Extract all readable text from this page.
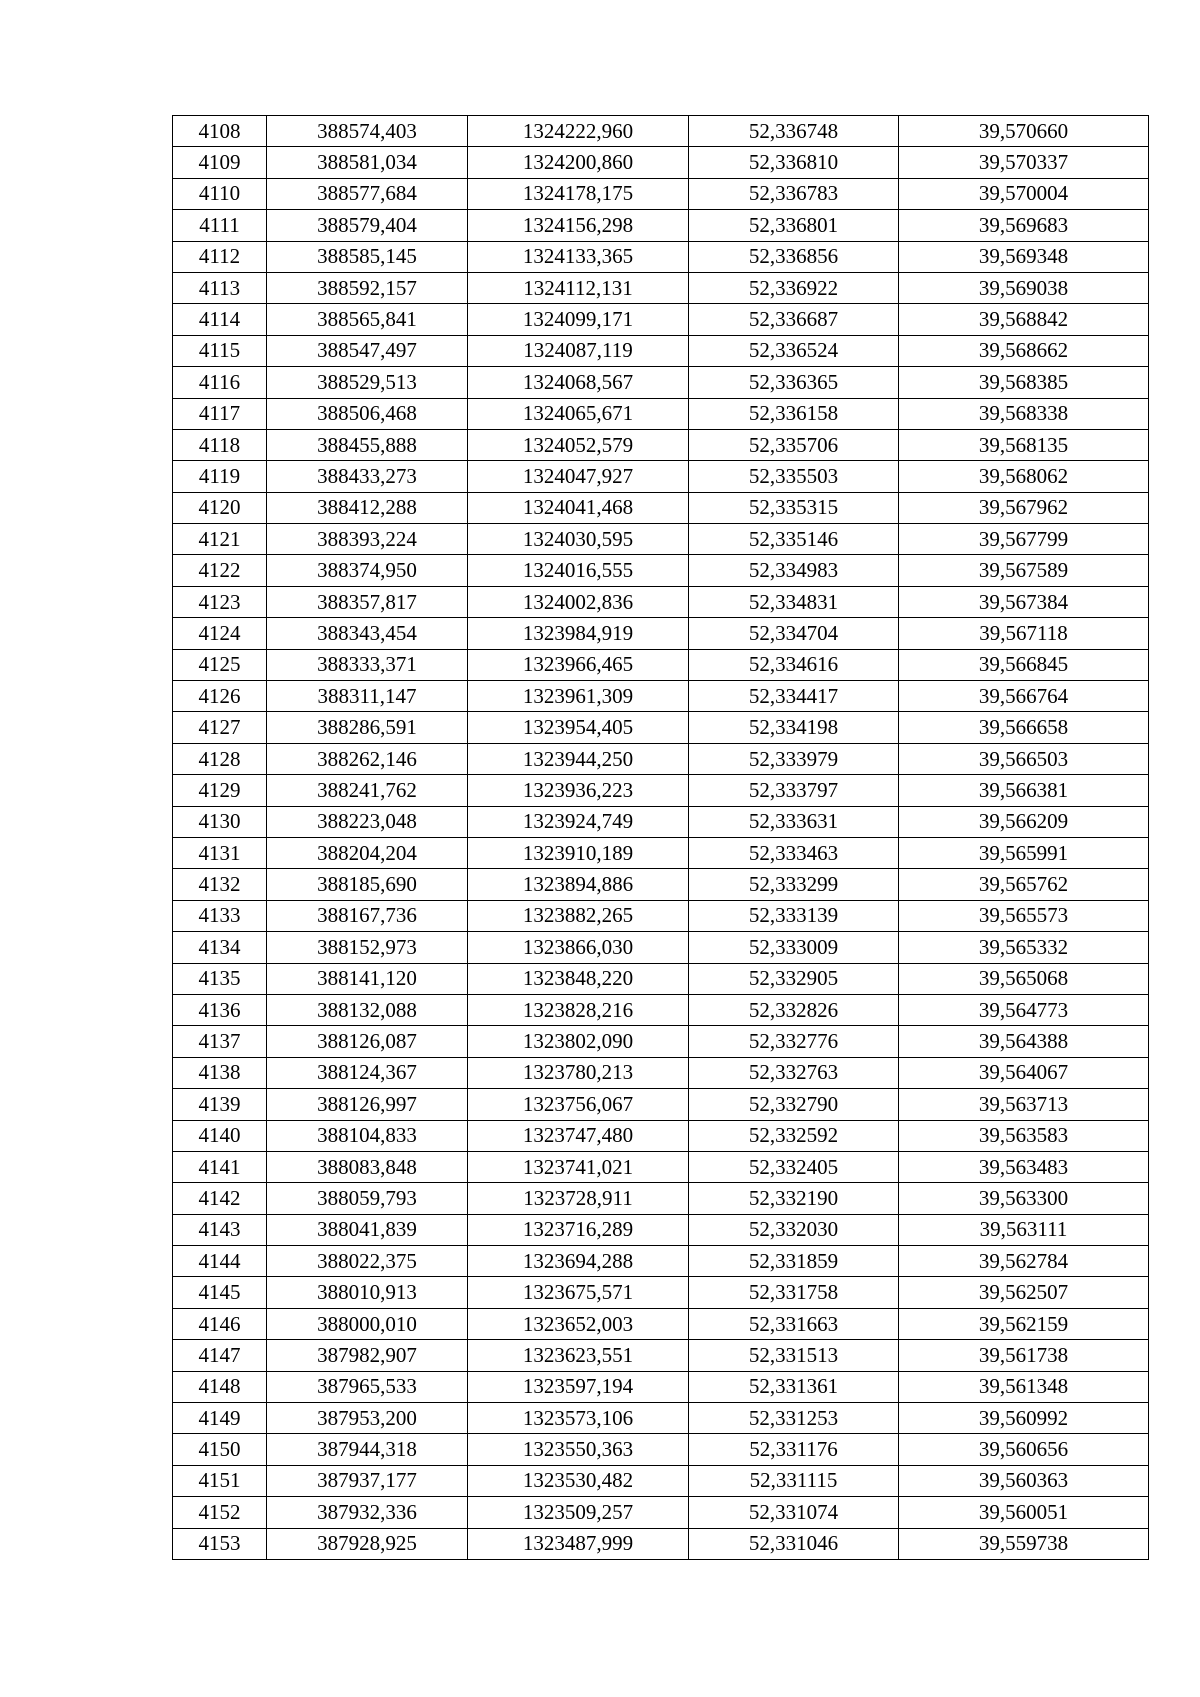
4108	388574,403	1324222,960	52,336748	39,570660
4109	388581,034	1324200,860	52,336810	39,570337
4110	388577,684	1324178,175	52,336783	39,570004
4111	388579,404	1324156,298	52,336801	39,569683
4112	388585,145	1324133,365	52,336856	39,569348
4113	388592,157	1324112,131	52,336922	39,569038
4114	388565,841	1324099,171	52,336687	39,568842
4115	388547,497	1324087,119	52,336524	39,568662
4116	388529,513	1324068,567	52,336365	39,568385
4117	388506,468	1324065,671	52,336158	39,568338
4118	388455,888	1324052,579	52,335706	39,568135
4119	388433,273	1324047,927	52,335503	39,568062
4120	388412,288	1324041,468	52,335315	39,567962
4121	388393,224	1324030,595	52,335146	39,567799
4122	388374,950	1324016,555	52,334983	39,567589
4123	388357,817	1324002,836	52,334831	39,567384
4124	388343,454	1323984,919	52,334704	39,567118
4125	388333,371	1323966,465	52,334616	39,566845
4126	388311,147	1323961,309	52,334417	39,566764
4127	388286,591	1323954,405	52,334198	39,566658
4128	388262,146	1323944,250	52,333979	39,566503
4129	388241,762	1323936,223	52,333797	39,566381
4130	388223,048	1323924,749	52,333631	39,566209
4131	388204,204	1323910,189	52,333463	39,565991
4132	388185,690	1323894,886	52,333299	39,565762
4133	388167,736	1323882,265	52,333139	39,565573
4134	388152,973	1323866,030	52,333009	39,565332
4135	388141,120	1323848,220	52,332905	39,565068
4136	388132,088	1323828,216	52,332826	39,564773
4137	388126,087	1323802,090	52,332776	39,564388
4138	388124,367	1323780,213	52,332763	39,564067
4139	388126,997	1323756,067	52,332790	39,563713
4140	388104,833	1323747,480	52,332592	39,563583
4141	388083,848	1323741,021	52,332405	39,563483
4142	388059,793	1323728,911	52,332190	39,563300
4143	388041,839	1323716,289	52,332030	39,563111
4144	388022,375	1323694,288	52,331859	39,562784
4145	388010,913	1323675,571	52,331758	39,562507
4146	388000,010	1323652,003	52,331663	39,562159
4147	387982,907	1323623,551	52,331513	39,561738
4148	387965,533	1323597,194	52,331361	39,561348
4149	387953,200	1323573,106	52,331253	39,560992
4150	387944,318	1323550,363	52,331176	39,560656
4151	387937,177	1323530,482	52,331115	39,560363
4152	387932,336	1323509,257	52,331074	39,560051
4153	387928,925	1323487,999	52,331046	39,559738
